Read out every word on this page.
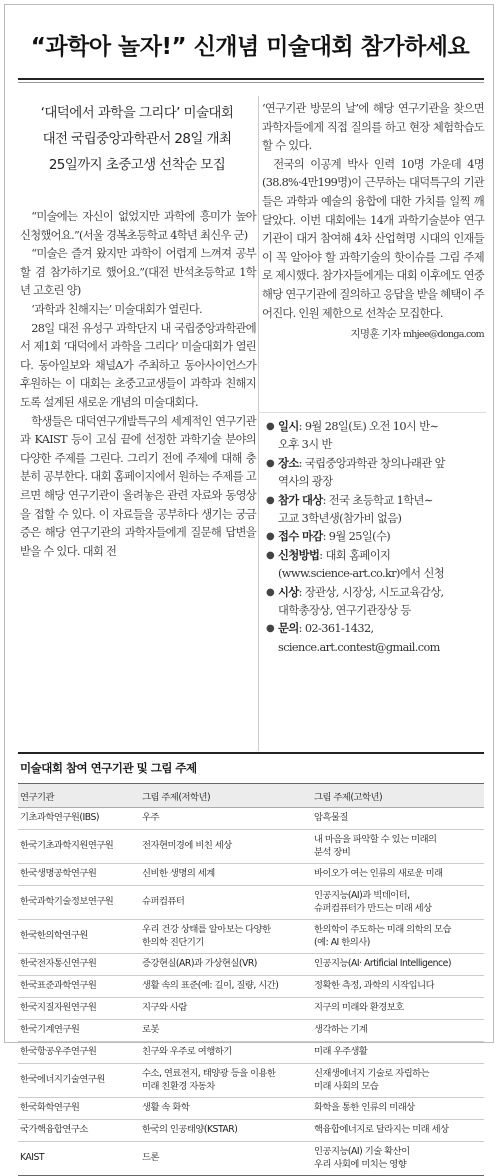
“과학아 놀자!” 신개념 미술대회 참가하세요
‘대덕에서 과학을 그리다’ 미술대회
대전 국립중앙과학관서 28일 개최
25일까지 초중고생 선착순 모집

“미술에는 자신이 없었지만 과학에 흥미가 높아 신청했어요.”(서울 경복초등학교 4학년 최신우 군)

“미술은 즐겨 왔지만 과학이 어렵게 느껴져 공부할 겸 참가하기로 했어요.”(대전 반석초등학교 1학년 고호린 양)

‘과학과 친해지는’ 미술대회가 열린다.

28일 대전 유성구 과학단지 내 국립중앙과학관에서 제1회 ‘대덕에서 과학을 그리다’ 미술대회가 열린다. 동아일보와 채널A가 주최하고 동아사이언스가 후원하는 이 대회는 초중고교생들이 과학과 친해지도록 설계된 새로운 개념의 미술대회다.

학생들은 대덕연구개발특구의 세계적인 연구기관과 KAIST 등이 고심 끝에 선정한 과학기술 분야의 다양한 주제를 그린다. 그리기 전에 주제에 대해 충분히 공부한다. 대회 홈페이지에서 원하는 주제를 고르면 해당 연구기관이 올려놓은 관련 자료와 동영상을 접할 수 있다. 이 자료들을 공부하다 생기는 궁금증은 해당 연구기관의 과학자들에게 질문해 답변을 받을 수 있다. 대회 전

‘연구기관 방문의 날’에 해당 연구기관을 찾으면 과학자들에게 직접 질의를 하고 현장 체험학습도 할 수 있다.

전국의 이공계 박사 인력 10명 가운데 4명(38.8%·4만199명)이 근무하는 대덕특구의 기관들은 과학과 예술의 융합에 대한 가치를 일찍 깨달았다. 이번 대회에는 14개 과학기술분야 연구기관이 대거 참여해 4차 산업혁명 시대의 인재들이 꼭 알아야 할 과학기술의 핫이슈를 그림 주제로 제시했다. 참가자들에게는 대회 이후에도 연중 해당 연구기관에 질의하고 응답을 받을 혜택이 주어진다. 인원 제한으로 선착순 모집한다.

지명훈 기자 mhjee@donga.com
● 일시: 9월 28일(토) 오전 10시 반∼
오후 3시 반
● 장소: 국립중앙과학관 창의나래관 앞
역사의 광장
● 참가 대상: 전국 초등학교 1학년∼
고교 3학년생(참가비 없음)
● 접수 마감: 9월 25일(수)
● 신청방법: 대회 홈페이지
(www.science-art.co.kr)에서 신청
● 시상: 장관상, 시장상, 시도교육감상,
대학총장상, 연구기관장상 등
● 문의: 02-361-1432,
science.art.contest@gmail.com
미술대회 참여 연구기관 및 그림 주제
연구기관	그림 주제(저학년)	그림 주제(고학년)
기초과학연구원(IBS)	우주	암흑물질
한국기초과학지원연구원	전자현미경에 비친 세상	내 마음을 파악할 수 있는 미래의
분석 장비
한국생명공학연구원	신비한 생명의 세계	바이오가 여는 인류의 새로운 미래
한국과학기술정보연구원	슈퍼컴퓨터	인공지능(AI)과 빅데이터,
슈퍼컴퓨터가 만드는 미래 세상
한국한의학연구원	우리 건강 상태를 알아보는 다양한
한의학 진단기기	한의학이 주도하는 미래 의학의 모습
(예: AI 한의사)
한국전자통신연구원	증강현실(AR)과 가상현실(VR)	인공지능(AI· Artificial Intelligence)
한국표준과학연구원	생활 속의 표준(예: 길이, 질량, 시간)	정확한 측정, 과학의 시작입니다
한국지질자원연구원	지구와 사람	지구의 미래와 환경보호
한국기계연구원	로봇	생각하는 기계
한국항공우주연구원	친구와 우주로 여행하기	미래 우주생활
한국에너지기술연구원	수소, 연료전지, 태양광 등을 이용한
미래 친환경 자동차	신재생에너지 기술로 자립하는
미래 사회의 모습
한국화학연구원	생활 속 화학	화학을 통한 인류의 미래상
국가핵융합연구소	한국의 인공태양(KSTAR)	핵융합에너지로 달라지는 미래 세상
KAIST	드론	인공지능(AI) 기술 확산이
우리 사회에 미치는 영향
